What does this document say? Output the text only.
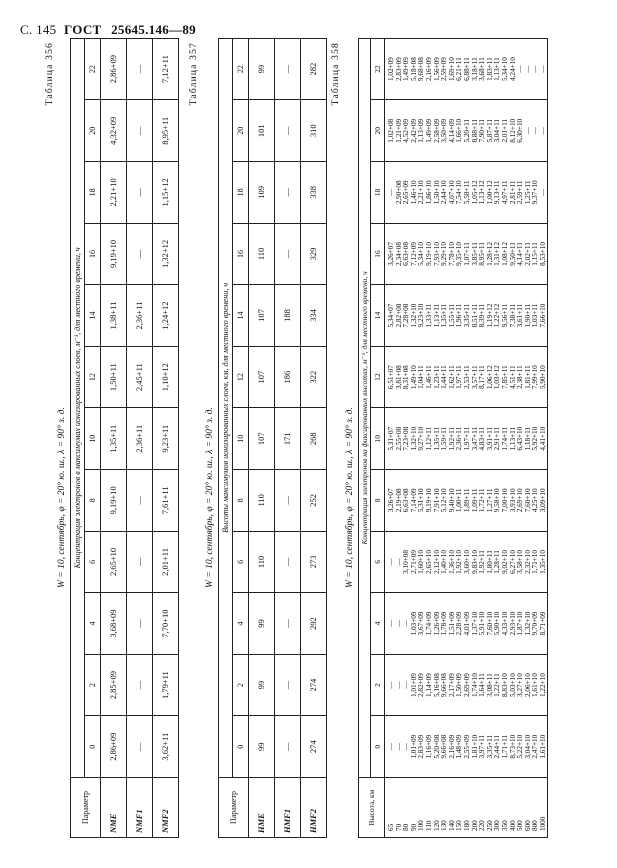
С. 145 ГОСТ 25645.146—89
Таблица 356
W = 10, сентябрь, φ = 20° ю. ш., λ = 90° з. д.
Параметр	Концентрация электронов в максимумах ионизированных слоев, м⁻³, для местного времени, ч											
	0	2	4	6	8	10	12	14	16	18	20	22
NME	2,86+09	2,85+09	3,68+09	2,65+10	9,19+10	1,35+11	1,50+11	1,38+11	9,19+10	2,21+10	4,32+09	2,86+09
NMF1	—	—	—	—	—	2,36+11	2,45+11	2,36+11	—	—	—	—
NMF2	3,62+11	1,79+11	7,70+10	2,01+11	7,61+11	9,23+11	1,10+12	1,24+12	1,32+12	1,15+12	8,95+11	7,12+11 Таблица 357
W = 10, сентябрь, φ = 20° ю. ш., λ = 90° з. д.
Параметр	Высоты максимумов ионизированных слоев, км, для местного времени, ч											
	0	2	4	6	8	10	12	14	16	18	20	22
HME	99	99	99	110	110	107	107	107	110	109	101	99
HMF1	—	—	—	—	—	171	186	188	—	—	—	—
HMF2	274	274	292	273	252	268	322	334	329	338	310	282 Таблица 358
W = 10, сентябрь, φ = 20° ю. ш., λ = 90° з. д.
Высота, км	Концентрация электронов на фиксированных высотах, м⁻³, для местного времени, ч											
	0	2	4	6	8	10	12	14	16	18	20	22
65	—	—	—	—	3,26+07	5,31+07	6,51+07	5,34+07	3,26+07	—	1,02+08	1,02+09
70	—	—	—	—	2,19+08	2,55+08	3,81+08	2,82+08	2,34+08	2,90+08	1,21+09	2,83+09
80	—	—	—	3,10+08	6,63+08	7,23+08	8,31+08	7,28+08	6,63+08	2,65+09	4,52+09	1,49+09
90	1,01+09	1,01+09	1,03+09	2,71+09	7,14+09	1,32+10	1,49+10	1,32+10	7,12+09	1,46+10	2,42+09	5,18+08
100	2,83+09	2,82+09	3,67+09	1,60+10	5,31+10	9,27+10	1,04+11	9,23+10	5,34+10	2,21+10	1,13+09	9,68+08
110	1,16+09	1,14+09	1,74+09	2,65+10	9,19+10	1,12+11	1,46+11	1,33+11	9,19+10	1,86+10	1,49+09	2,16+09
120	5,20+08	5,16+08	1,26+09	2,12+10	7,91+10	1,35+11	1,23+11	1,13+11	7,93+10	1,50+10	2,58+09	1,56+09
130	9,66+08	9,66+08	1,78+09	1,40+10	5,12+10	1,59+11	1,44+11	1,35+11	9,29+10	2,44+10	3,50+09	2,59+09
140	2,16+09	2,17+09	1,51+09	1,36+10	9,40+10	1,92+11	1,62+11	1,55+11	7,78+10	4,07+10	4,14+09	1,69+10
150	1,48+09	1,50+09	2,28+09	1,92+10	1,00+11	2,36+11	1,97+11	1,96+11	9,35+10	7,54+10	1,66+10	6,21+11
180	2,55+09	2,69+09	4,01+09	3,60+10	1,89+11	1,97+11	2,53+11	3,35+11	1,07+11	5,58+11	5,20+11	6,88+11
200	1,81+10	1,74+10	1,37+10	9,83+10	1,09+11	3,47+11	3,57+11	8,51+11	3,85+11	1,05+12	8,88+11	3,18+11
220	3,97+11	1,64+11	5,91+10	1,92+11	1,72+11	4,83+11	8,17+11	8,39+11	8,95+11	1,13+12	7,90+11	3,68+11
250	3,35+11	3,08+11	7,60+10	1,80+11	1,27+11	3,91+11	1,06+12	1,19+12	1,28+12	1,00+12	5,87+11	1,83+11
300	2,44+11	1,22+11	5,90+10	1,28+11	9,58+10	2,91+11	1,03+12	1,22+12	1,31+12	9,13+11	3,04+11	1,13+11
350	1,71+11	8,83+10	4,33+10	9,02+10	7,00+10	1,74+11	7,85+11	9,56+11	1,08+12	4,97+11	2,01+11	5,34+10
400	8,73+10	5,03+10	2,93+10	6,27+10	3,93+10	1,13+11	4,51+11	7,38+11	9,50+11	2,81+11	8,12+10	4,24+10
500	5,22+10	3,27+10	1,87+10	3,58+10	2,69+10	6,43+10	2,38+11	3,61+11	4,14+11	2,59+11	6,30+10	—
600	3,04+10	2,06+10	1,32+10	2,32+10	7,60+10	1,18+11	1,81+11	1,90+11	2,02+11	1,25+11	—	—
800	2,47+10	1,61+10	9,70+09	1,71+10	4,25+10	5,92+10	7,99+10	1,03+11	1,15+11	9,37+10	—	—
1000	1,61+10	1,22+10	8,71+09	1,35+10	3,09+10	4,41+10	5,90+10	7,66+10	8,53+10	—	—	—
